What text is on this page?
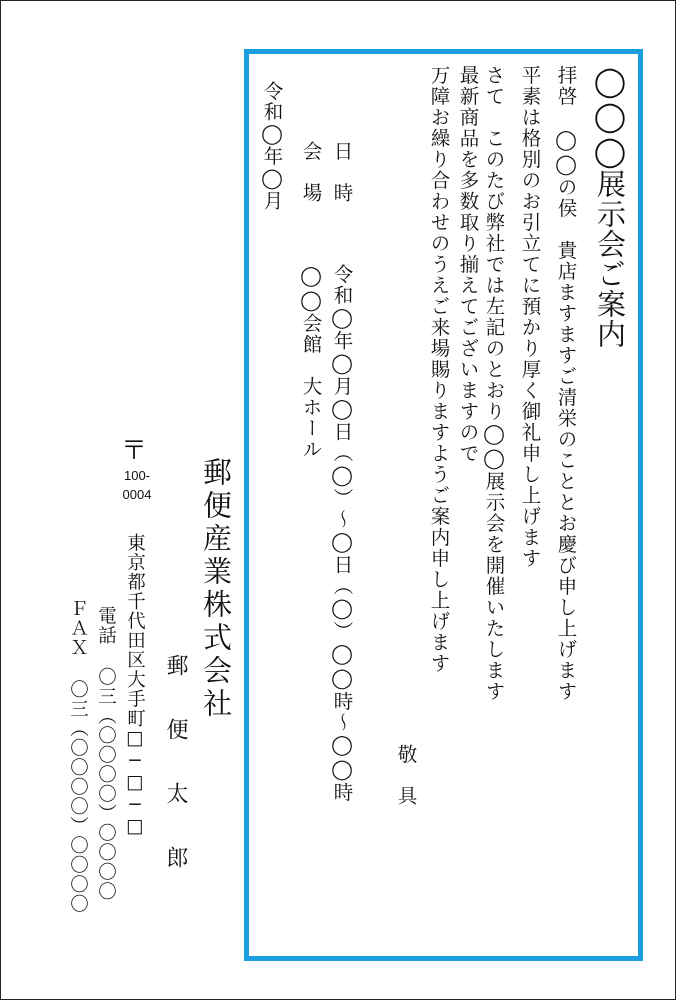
◯◯◯展示会ご案内
拝啓　◯◯の侯　貴店ますますご清栄のこととお慶び申し上げます
平素は格別のお引立てに預かり厚く御礼申し上げます
さて　このたび弊社では左記のとおり◯◯展示会を開催いたします
最新商品を多数取り揃えてございますので
万障お繰り合わせのうえご来場賜りますようご案内申し上げます
敬具
日時
令和◯年◯月◯日（◯）〜◯日（◯）◯◯時〜◯◯時
会場
◯◯会館　大ホール
令和◯年◯月
郵便産業株式会社
郵便太郎
〒
100-
0004
東京都千代田区大手町□−□−□
電話 〇三（〇〇〇〇）〇〇〇〇
ＦＡＸ 〇三（〇〇〇〇）〇〇〇〇
